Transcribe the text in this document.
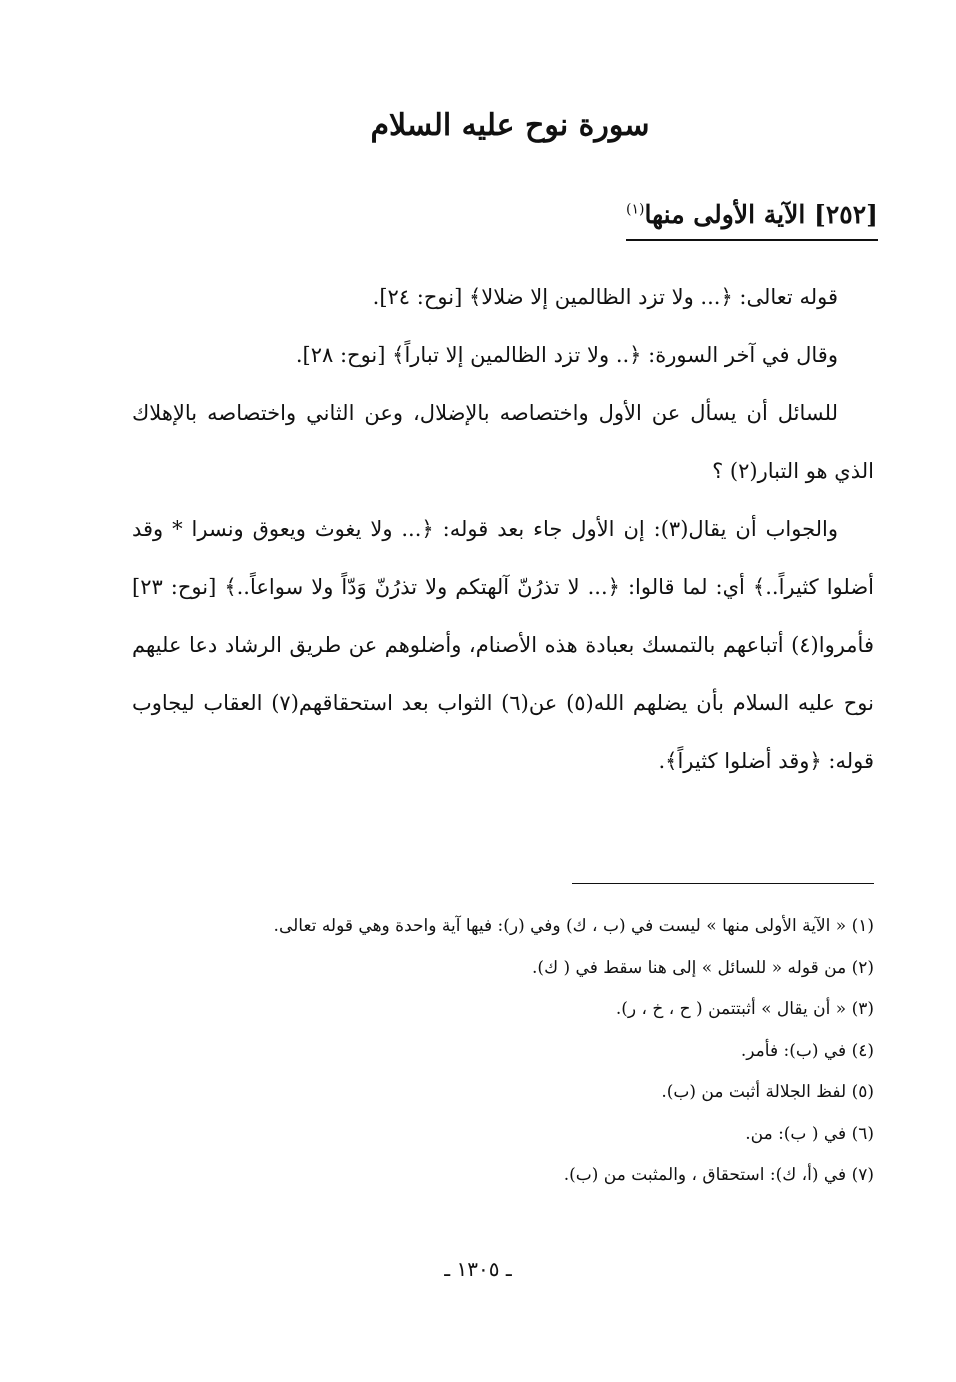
سورة نوح عليه السلام
[٢٥٢] الآية الأولى منها$^{(١)}$

قوله تعالى: ﴿... ولا تزد الظالمين إلا ضلالا﴾ [نوح: ٢٤].

وقال في آخر السورة: ﴿.. ولا تزد الظالمين إلا تباراً﴾ [نوح: ٢٨].

للسائل أن يسأل عن الأول واختصاصه بالإضلال، وعن الثاني واختصاصه بالإهلاك الذي هو التبار(٢) ؟

والجواب أن يقال(٣): إن الأول جاء بعد قوله: ﴿... ولا يغوث ويعوق ونسرا * وقد أضلوا كثيراً..﴾ أي: لما قالوا: ﴿... لا تذرُنّ آلهتكم ولا تذرُنّ وَدّاً ولا سواعاً..﴾ [نوح: ٢٣] فأمروا(٤) أتباعهم بالتمسك بعبادة هذه الأصنام، وأضلوهم عن طريق الرشاد دعا عليهم نوح عليه السلام بأن يضلهم الله(٥) عن(٦) الثواب بعد استحقاقهم(٧) العقاب ليجاوب قوله: ﴿وقد أضلوا كثيراً﴾.

(١) « الآية الأولى منها » ليست في (ب ، ك) وفي (ر): فيها آية واحدة وهي قوله تعالى.
(٢) من قوله « للسائل » إلى هنا سقط في ( ك).
(٣) « أن يقال » أثبتتمن ( ح ، خ ، ر).
(٤) في (ب): فأمر.
(٥) لفظ الجلالة أثبت من (ب).
(٦) في ( ب): من.
(٧) في (أ، ك): استحقاق ، والمثبت من (ب).
ـ ١٣٠٥ ـ
